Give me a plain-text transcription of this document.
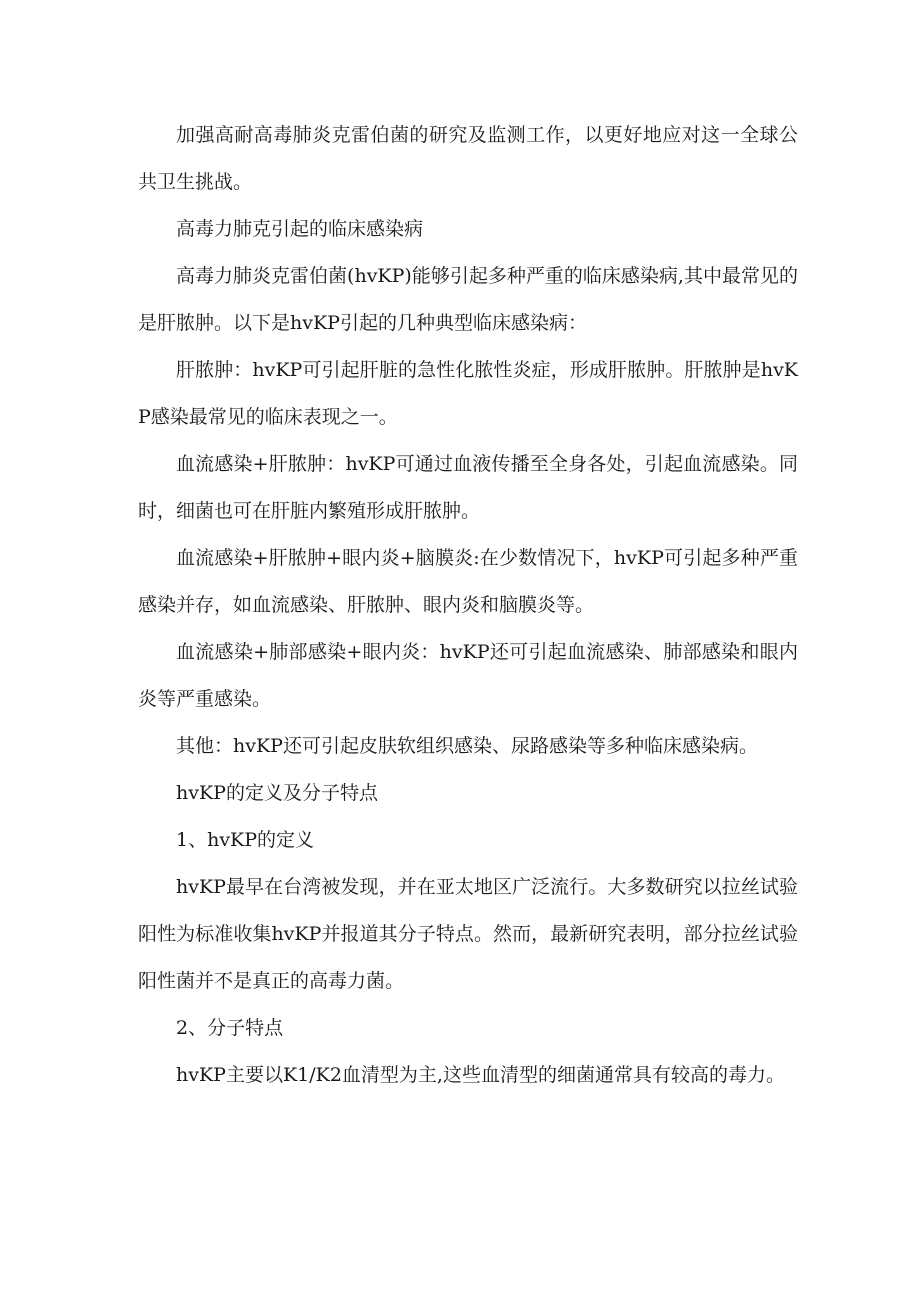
加强高耐高毒肺炎克雷伯菌的研究及监测工作，以更好地应对这一全球公共卫生挑战。

高毒力肺克引起的临床感染病

高毒力肺炎克雷伯菌(hvKP)能够引起多种严重的临床感染病,其中最常见的是肝脓肿。以下是hvKP引起的几种典型临床感染病：

肝脓肿：hvKP可引起肝脏的急性化脓性炎症，形成肝脓肿。肝脓肿是hvKP感染最常见的临床表现之一。

血流感染+肝脓肿：hvKP可通过血液传播至全身各处，引起血流感染。同时，细菌也可在肝脏内繁殖形成肝脓肿。

血流感染+肝脓肿+眼内炎+脑膜炎:在少数情况下，hvKP可引起多种严重感染并存，如血流感染、肝脓肿、眼内炎和脑膜炎等。

血流感染+肺部感染+眼内炎：hvKP还可引起血流感染、肺部感染和眼内炎等严重感染。

其他：hvKP还可引起皮肤软组织感染、尿路感染等多种临床感染病。

hvKP的定义及分子特点

1、hvKP的定义

hvKP最早在台湾被发现，并在亚太地区广泛流行。大多数研究以拉丝试验阳性为标准收集hvKP并报道其分子特点。然而，最新研究表明，部分拉丝试验阳性菌并不是真正的高毒力菌。

2、分子特点

hvKP主要以K1/K2血清型为主,这些血清型的细菌通常具有较高的毒力。
